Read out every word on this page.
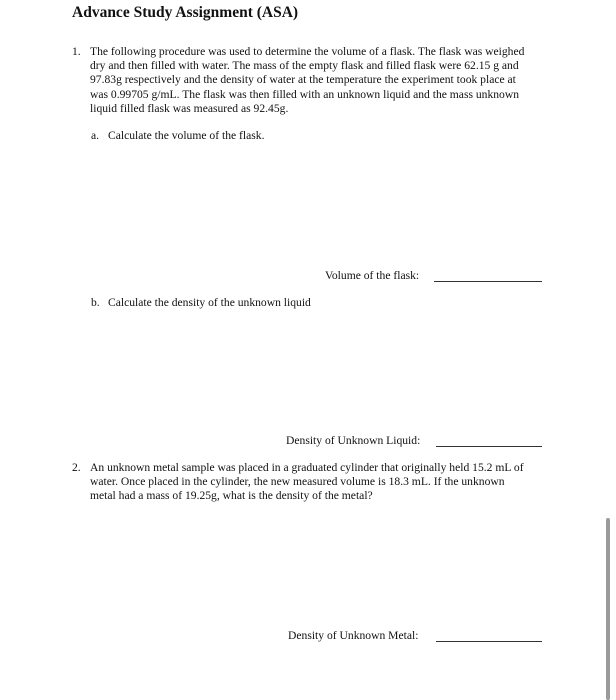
Advance Study Assignment (ASA)
1. The following procedure was used to determine the volume of a flask. The flask was weighed
dry and then filled with water. The mass of the empty flask and filled flask were 62.15 g and
97.83g respectively and the density of water at the temperature the experiment took place at
was 0.99705 g/mL. The flask was then filled with an unknown liquid and the mass unknown
liquid filled flask was measured as 92.45g.
a. Calculate the volume of the flask.
Volume of the flask:
b. Calculate the density of the unknown liquid
Density of Unknown Liquid:
2. An unknown metal sample was placed in a graduated cylinder that originally held 15.2 mL of
water. Once placed in the cylinder, the new measured volume is 18.3 mL. If the unknown
metal had a mass of 19.25g, what is the density of the metal?
Density of Unknown Metal:
